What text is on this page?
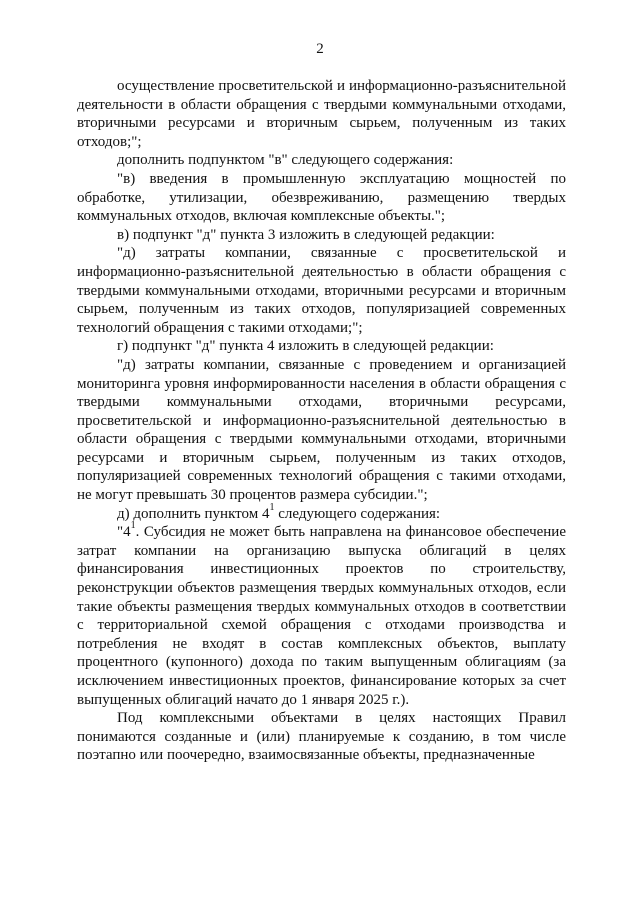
2

осуществление просветительской и информационно-разъяснительной деятельности в области обращения с твердыми коммунальными отходами, вторичными ресурсами и вторичным сырьем, полученным из таких отходов;";

дополнить подпунктом "в" следующего содержания:

"в) введения в промышленную эксплуатацию мощностей по обработке, утилизации, обезвреживанию, размещению твердых коммунальных отходов, включая комплексные объекты.";

в) подпункт "д" пункта 3 изложить в следующей редакции:

"д) затраты компании, связанные с просветительской и информационно-разъяснительной деятельностью в области обращения с твердыми коммунальными отходами, вторичными ресурсами и вторичным сырьем, полученным из таких отходов, популяризацией современных технологий обращения с такими отходами;";

г) подпункт "д" пункта 4 изложить в следующей редакции:

"д) затраты компании, связанные с проведением и организацией мониторинга уровня информированности населения в области обращения с твердыми коммунальными отходами, вторичными ресурсами, просветительской и информационно-разъяснительной деятельностью в области обращения с твердыми коммунальными отходами, вторичными ресурсами и вторичным сырьем, полученным из таких отходов, популяризацией современных технологий обращения с такими отходами, не могут превышать 30 процентов размера субсидии.";

д) дополнить пунктом $4^1$ следующего содержания:

"$4^1$. Субсидия не может быть направлена на финансовое обеспечение затрат компании на организацию выпуска облигаций в целях финансирования инвестиционных проектов по строительству, реконструкции объектов размещения твердых коммунальных отходов, если такие объекты размещения твердых коммунальных отходов в соответствии с территориальной схемой обращения с отходами производства и потребления не входят в состав комплексных объектов, выплату процентного (купонного) дохода по таким выпущенным облигациям (за исключением инвестиционных проектов, финансирование которых за счет выпущенных облигаций начато до 1 января 2025 г.).

Под комплексными объектами в целях настоящих Правил понимаются созданные и (или) планируемые к созданию, в том числе поэтапно или поочередно, взаимосвязанные объекты, предназначенные
